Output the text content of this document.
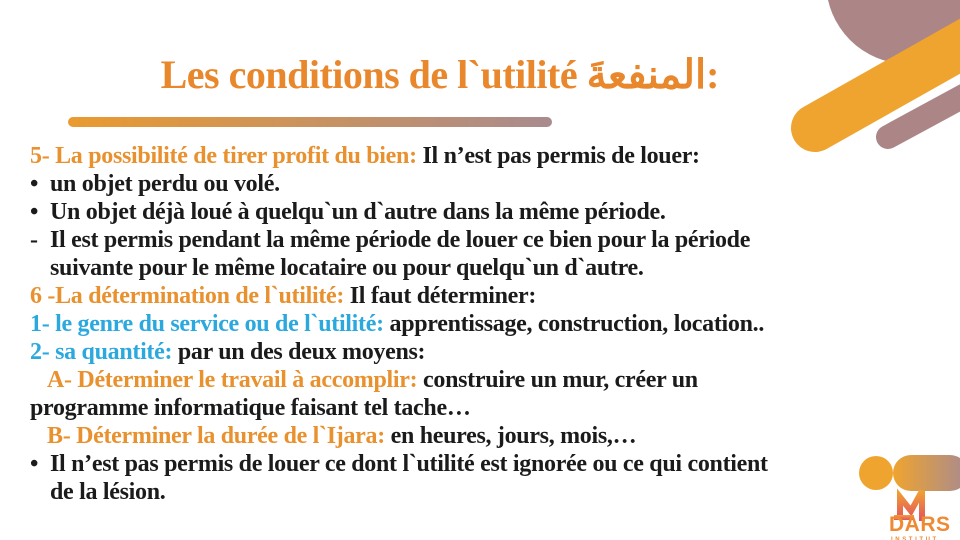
Les conditions de l`utilité المنفعةَ:
5- La possibilité de tirer profit du bien: Il n’est pas permis de louer:
• un objet perdu ou volé.
• Un objet déjà loué à quelqu`un d`autre dans la même période.
- Il est permis pendant la même période de louer ce bien pour la période
suivante pour le même locataire ou pour quelqu`un d`autre.
6 -La détermination de l`utilité: Il faut déterminer:
1- le genre du service ou de l`utilité: apprentissage, construction, location..
2- sa quantité: par un des deux moyens:
A- Déterminer le travail à accomplir: construire un mur, créer un
programme informatique faisant tel tache…
B- Déterminer la durée de l`Ijara: en heures, jours, mois,…
• Il n’est pas permis de louer ce dont l`utilité est ignorée ou ce qui contient
de la lésion.
DARS
INSTITUT
